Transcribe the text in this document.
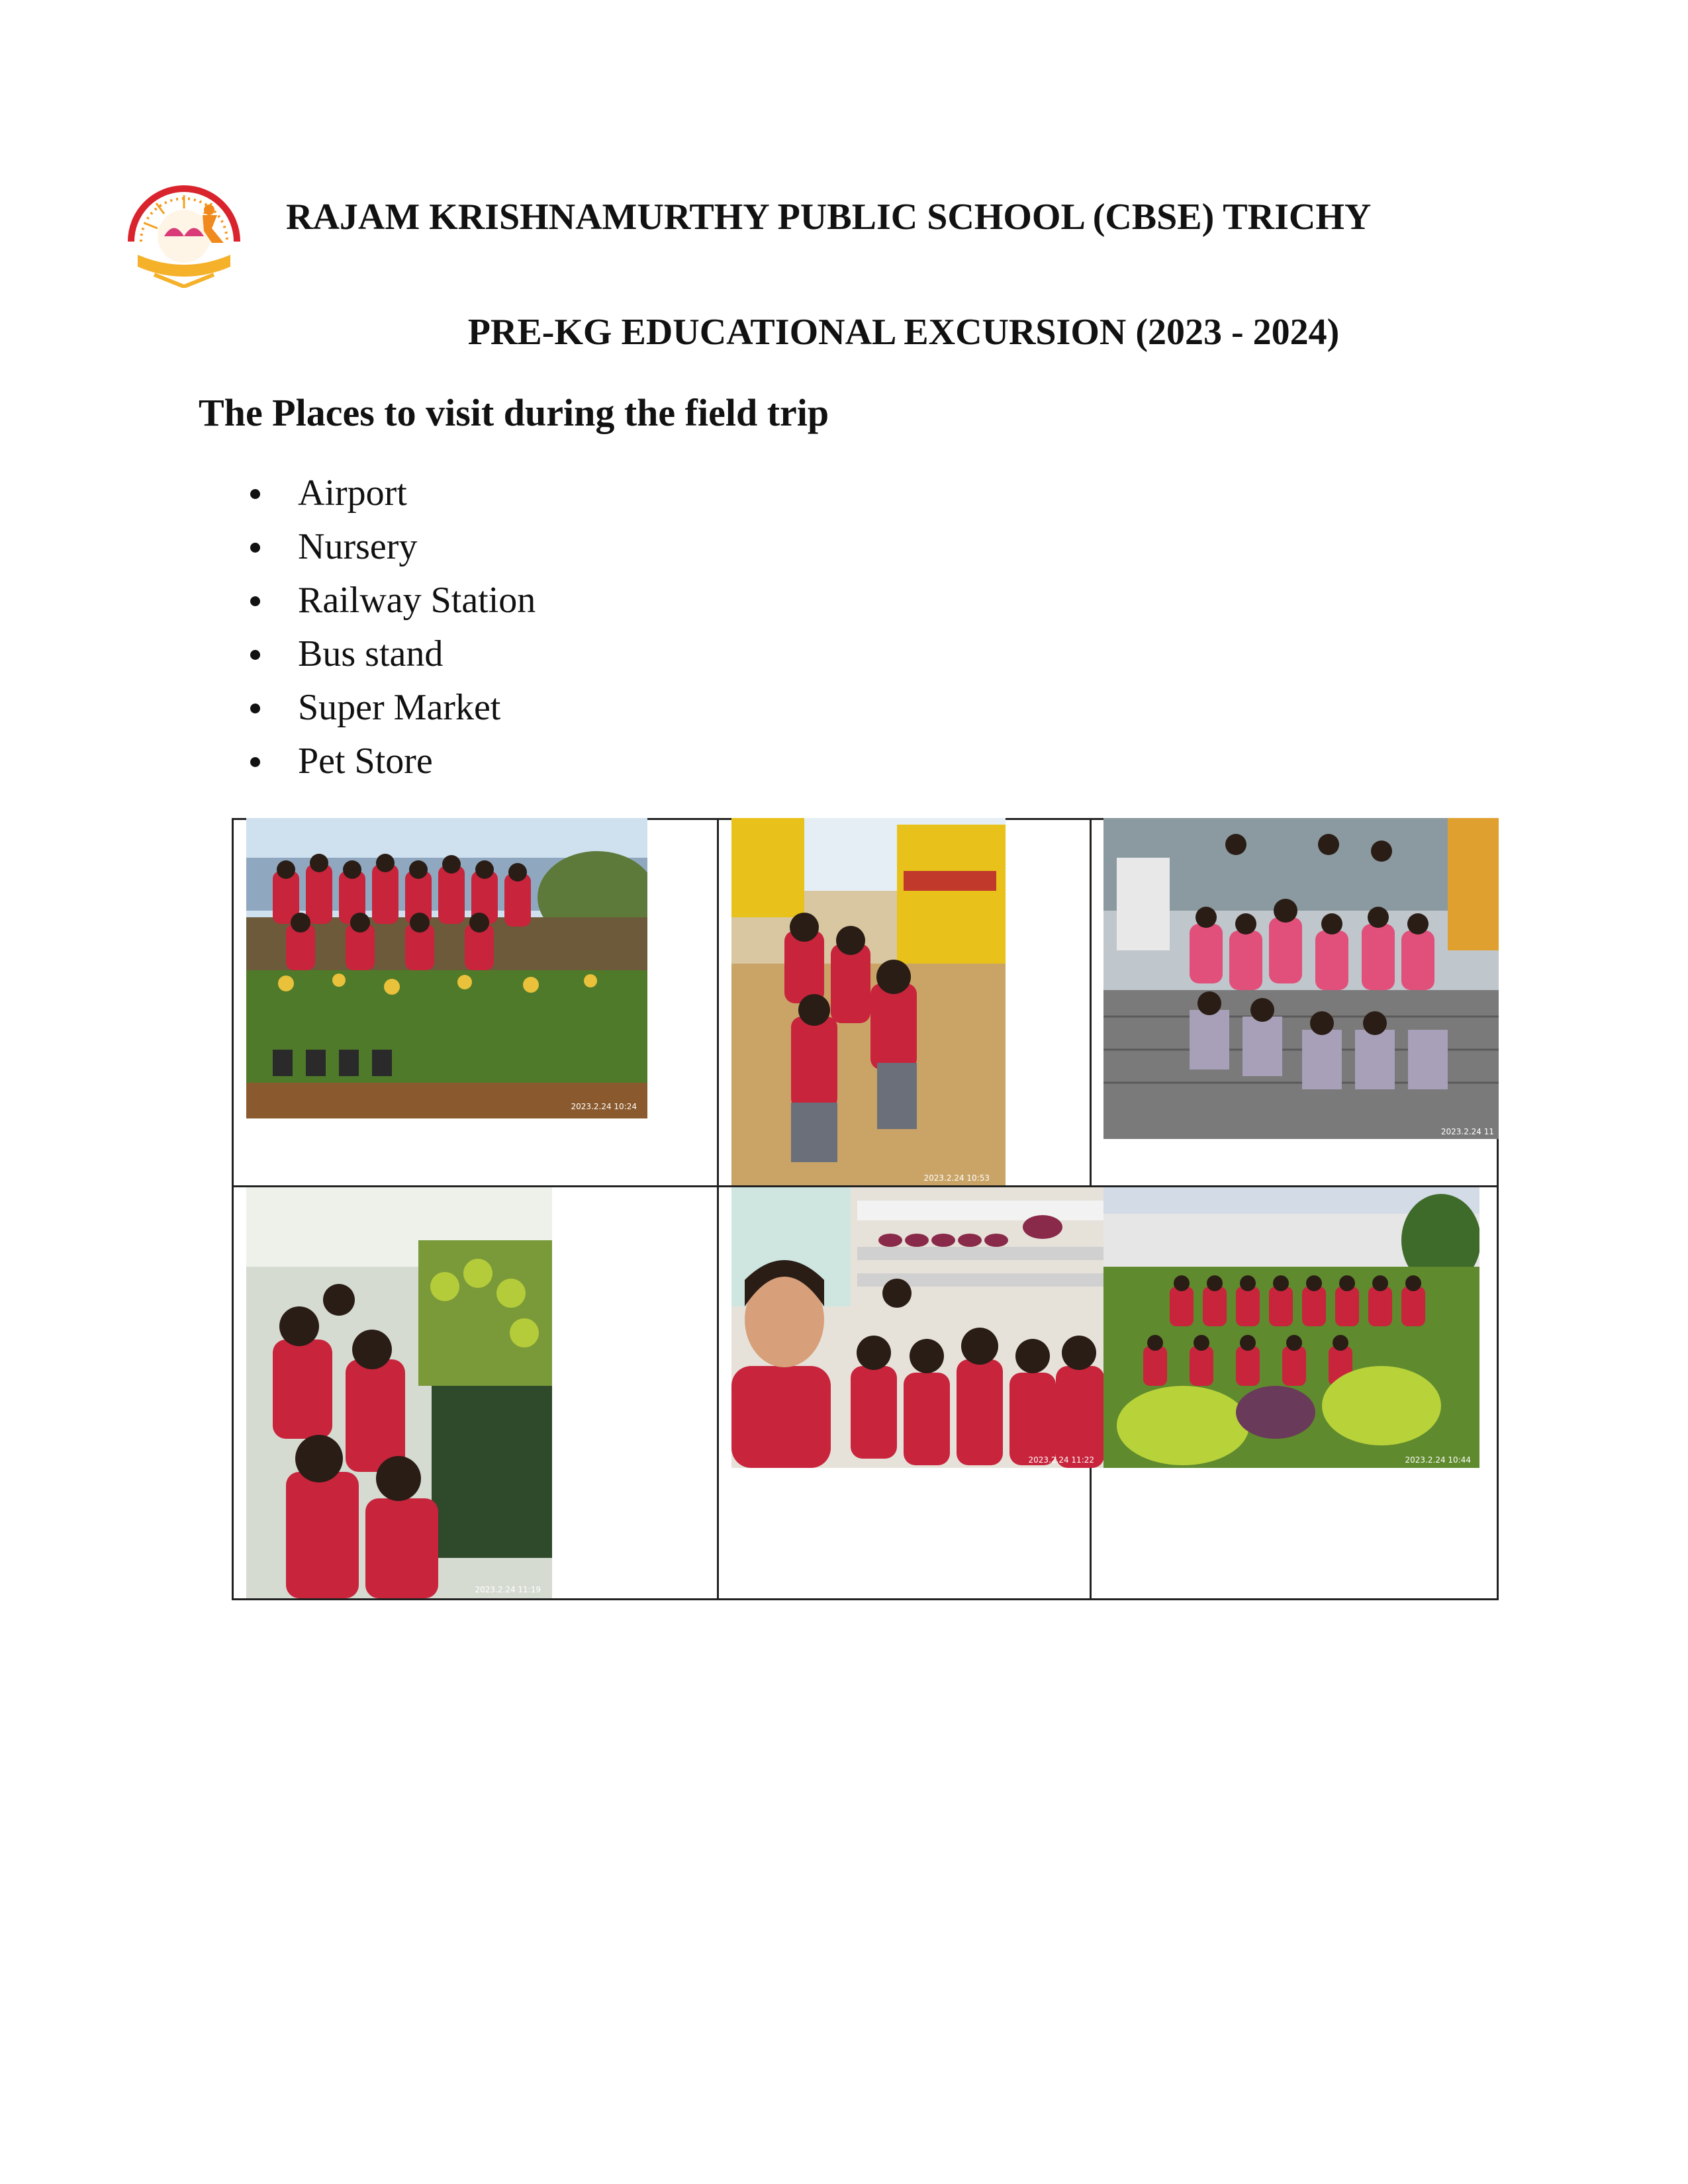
RAJAM KRISHNAMURTHY PUBLIC SCHOOL (CBSE) TRICHY
PRE-KG EDUCATIONAL EXCURSION (2023 - 2024)
The Places to visit during the field trip
Airport
Nursery
Railway Station
Bus stand
Super Market
Pet Store
2023.2.24 10:24
2023.2.24 10:53
2023.2.24 11
2023.2.24 11:19
2023.2.24 11:22	2023.2.24 10:44
